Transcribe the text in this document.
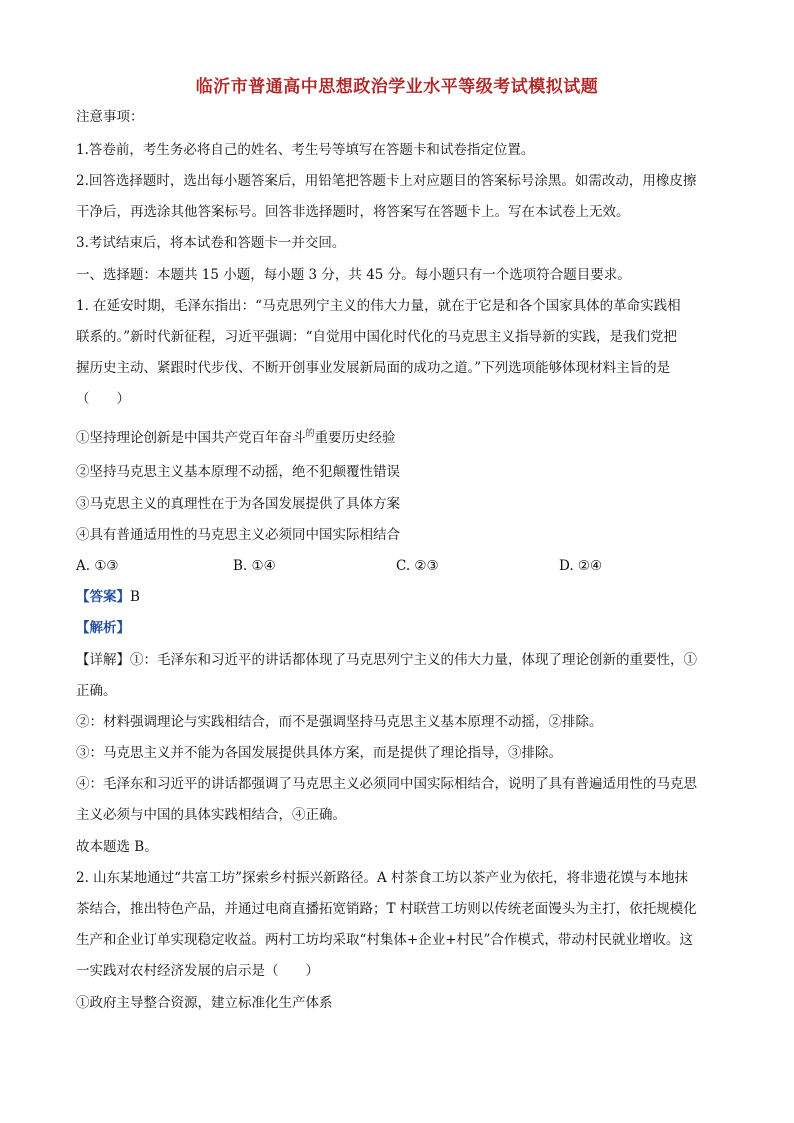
临沂市普通高中思想政治学业水平等级考试模拟试题
注意事项：
1.答卷前，考生务必将自己的姓名、考生号等填写在答题卡和试卷指定位置。
2.回答选择题时，选出每小题答案后，用铅笔把答题卡上对应题目的答案标号涂黑。如需改动，用橡皮擦
干净后，再选涂其他答案标号。回答非选择题时，将答案写在答题卡上。写在本试卷上无效。
3.考试结束后，将本试卷和答题卡一并交回。
一、选择题：本题共 15 小题，每小题 3 分，共 45 分。每小题只有一个选项符合题目要求。
1. 在延安时期，毛泽东指出：“马克思列宁主义的伟大力量，就在于它是和各个国家具体的革命实践相
联系的。”新时代新征程，习近平强调：“自觉用中国化时代化的马克思主义指导新的实践，是我们党把
握历史主动、紧跟时代步伐、不断开创事业发展新局面的成功之道。”下列选项能够体现材料主旨的是
（　　）
①坚持理论创新是中国共产党百年奋斗$^的$重要历史经验
②坚持马克思主义基本原理不动摇，绝不犯颠覆性错误
③马克思主义的真理性在于为各国发展提供了具体方案
④具有普通适用性的马克思主义必须同中国实际相结合
A. ①③	B. ①④	C. ②③	D. ②④
【答案】B
【解析】
【详解】①：毛泽东和习近平的讲话都体现了马克思列宁主义的伟大力量，体现了理论创新的重要性，①
正确。
②：材料强调理论与实践相结合，而不是强调坚持马克思主义基本原理不动摇，②排除。
③：马克思主义并不能为各国发展提供具体方案，而是提供了理论指导，③排除。
④：毛泽东和习近平的讲话都强调了马克思主义必须同中国实际相结合，说明了具有普遍适用性的马克思
主义必须与中国的具体实践相结合，④正确。
故本题选 B。
2. 山东某地通过“共富工坊”探索乡村振兴新路径。A 村茶食工坊以茶产业为依托，将非遗花馍与本地抹
茶结合，推出特色产品，并通过电商直播拓宽销路；T 村联营工坊则以传统老面馒头为主打，依托规模化
生产和企业订单实现稳定收益。两村工坊均采取“村集体+企业+村民”合作模式，带动村民就业增收。这
一实践对农村经济发展的启示是（　　）
①政府主导整合资源，建立标准化生产体系
